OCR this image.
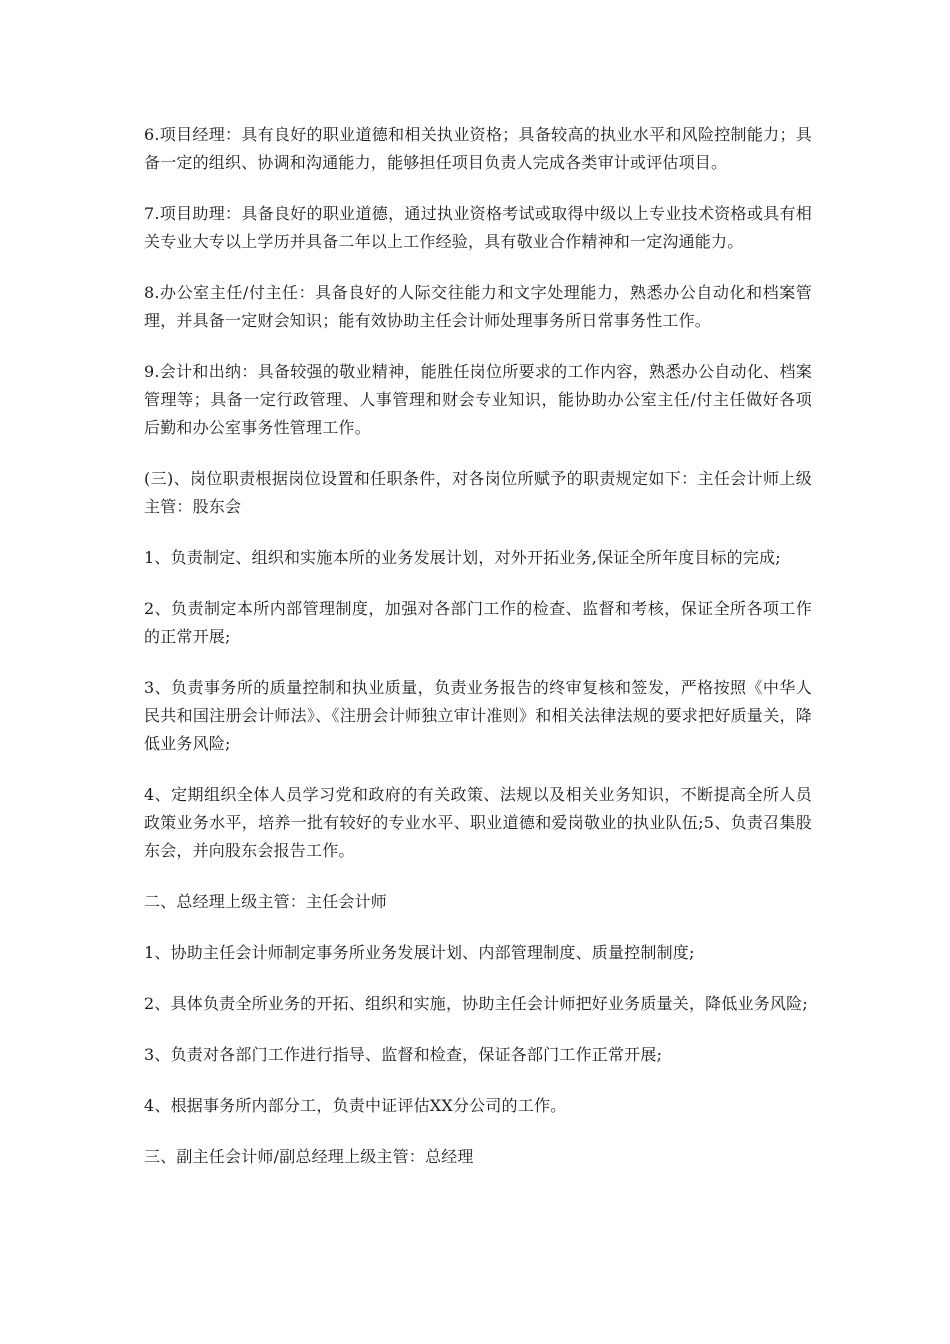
6.项目经理：具有良好的职业道德和相关执业资格；具备较高的执业水平和风险控制能力；具备一定的组织、协调和沟通能力，能够担任项目负责人完成各类审计或评估项目。

7.项目助理：具备良好的职业道德，通过执业资格考试或取得中级以上专业技术资格或具有相关专业大专以上学历并具备二年以上工作经验，具有敬业合作精神和一定沟通能力。

8.办公室主任/付主任：具备良好的人际交往能力和文字处理能力，熟悉办公自动化和档案管理，并具备一定财会知识；能有效协助主任会计师处理事务所日常事务性工作。

9.会计和出纳：具备较强的敬业精神，能胜任岗位所要求的工作内容，熟悉办公自动化、档案管理等；具备一定行政管理、人事管理和财会专业知识，能协助办公室主任/付主任做好各项后勤和办公室事务性管理工作。

(三)、岗位职责根据岗位设置和任职条件，对各岗位所赋予的职责规定如下：主任会计师上级主管：股东会

1、负责制定、组织和实施本所的业务发展计划，对外开拓业务,保证全所年度目标的完成;

2、负责制定本所内部管理制度，加强对各部门工作的检查、监督和考核，保证全所各项工作的正常开展;

3、负责事务所的质量控制和执业质量，负责业务报告的终审复核和签发，严格按照《中华人民共和国注册会计师法》、《注册会计师独立审计准则》和相关法律法规的要求把好质量关，降低业务风险;

4、定期组织全体人员学习党和政府的有关政策、法规以及相关业务知识，不断提高全所人员政策业务水平，培养一批有较好的专业水平、职业道德和爱岗敬业的执业队伍;5、负责召集股东会，并向股东会报告工作。

二、总经理上级主管：主任会计师

1、协助主任会计师制定事务所业务发展计划、内部管理制度、质量控制制度;

2、具体负责全所业务的开拓、组织和实施，协助主任会计师把好业务质量关，降低业务风险;

3、负责对各部门工作进行指导、监督和检查，保证各部门工作正常开展;

4、根据事务所内部分工，负责中证评估XX分公司的工作。

三、副主任会计师/副总经理上级主管：总经理
